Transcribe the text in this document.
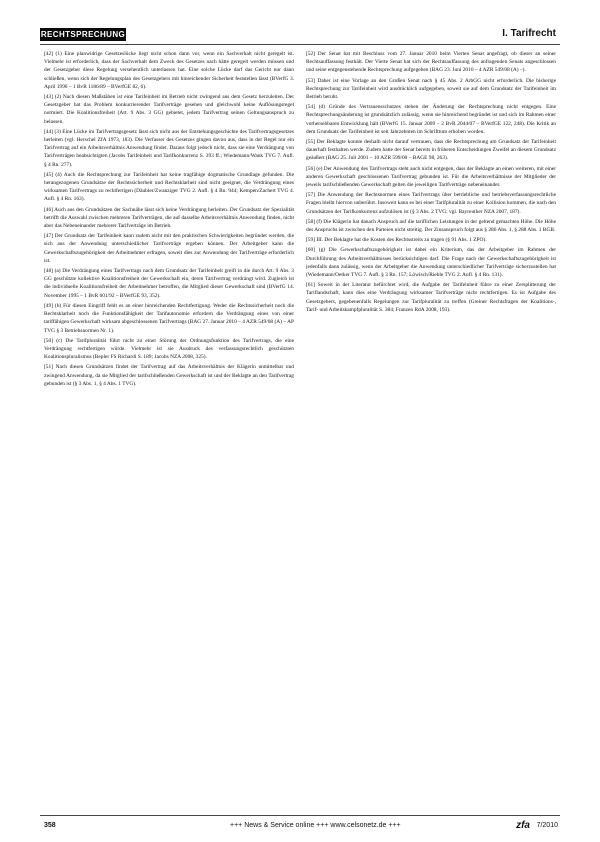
RECHTSPRECHUNG	I. Tarifrecht

[42] (1) Eine planwidrige Gesetzeslücke liegt nicht schon dann vor, wenn ein Sachverhalt nicht geregelt ist. Vielmehr ist erforderlich, dass der Sachverhalt dem Zweck des Gesetzes nach hätte geregelt werden müssen und der Gesetzgeber diese Regelung versehentlich unterlassen hat. Eine solche Lücke darf das Gericht nur dann schließen, wenn sich der Regelungsplan des Gesetzgebers mit hinreichender Sicherheit feststellen lässt (BVerfG 3. April 1990 – 1 BvR 1186/89 – BVerfGE 82, 6).

[43] (2) Nach diesen Maßstäben ist eine Tarifeinheit im Betrieb nicht zwingend aus dem Gesetz herzuleiten. Der Gesetzgeber hat das Problem konkurrierender Tarifverträge gesehen und gleichwohl keine Auflösungsregel normiert. Die Koalitionsfreiheit (Art. 9 Abs. 3 GG) gebietet, jedem Tarifvertrag seinen Geltungsanspruch zu belassen.

[44] (3) Eine Lücke im Tarifvertragsgesetz lässt sich nicht aus der Entstehungsgeschichte des Tarifvertragsgesetzes herleiten (vgl. Herschel ZfA 1973, 183). Die Verfasser des Gesetzes gingen davon aus, dass in der Regel nur ein Tarifvertrag auf ein Arbeitsverhältnis Anwendung findet. Daraus folgt jedoch nicht, dass sie eine Verdrängung von Tarifverträgen beabsichtigten (Jacobs Tarifeinheit und Tarifkonkurrenz S. 393 ff.; Wiedemann/Wank TVG 7. Aufl. § 4 Rn. 277).

[45] (4) Auch die Rechtsprechung zur Tarifeinheit hat keine tragfähige dogmatische Grundlage gefunden. Die herangezogenen Grundsätze der Rechtssicherheit und Rechtsklarheit sind nicht geeignet, die Verdrängung eines wirksamen Tarifvertrags zu rechtfertigen (Däubler/Zwanziger TVG 2. Aufl. § 4 Rn. 944; Kempen/Zachert TVG 4. Aufl. § 4 Rn. 163).

[46] Auch aus den Grundsätzen der Sachnähe lässt sich keine Verdrängung herleiten. Der Grundsatz der Spezialität betrifft die Auswahl zwischen mehreren Tarifverträgen, die auf dasselbe Arbeitsverhältnis Anwendung finden, nicht aber das Nebeneinander mehrerer Tarifverträge im Betrieb.

[47] Der Grundsatz der Tarifeinheit kann zudem nicht mit den praktischen Schwierigkeiten begründet werden, die sich aus der Anwendung unterschiedlicher Tarifverträge ergeben können. Der Arbeitgeber kann die Gewerkschaftszugehörigkeit der Arbeitnehmer erfragen, soweit dies zur Anwendung der Tarifverträge erforderlich ist.

[48] (a) Die Verdrängung eines Tarifvertrags nach dem Grundsatz der Tarifeinheit greift in die durch Art. 9 Abs. 3 GG geschützte kollektive Koalitionsfreiheit der Gewerkschaft ein, deren Tarifvertrag verdrängt wird. Zugleich ist die individuelle Koalitionsfreiheit der Arbeitnehmer betroffen, die Mitglied dieser Gewerkschaft sind (BVerfG 14. November 1995 – 1 BvR 601/92 – BVerfGE 93, 352).

[49] (b) Für diesen Eingriff fehlt es an einer hinreichenden Rechtfertigung. Weder die Rechtssicherheit noch die Rechtsklarheit noch die Funktionsfähigkeit der Tarifautonomie erfordern die Verdrängung eines von einer tariffähigen Gewerkschaft wirksam abgeschlossenen Tarifvertrags (BAG 27. Januar 2010 – 4 AZR 549/08 (A) – AP TVG § 3 Betriebsnormen Nr. 1).

[50] (c) Die Tarifpluralität führt nicht zu einer Störung der Ordnungsfunktion des Tarifvertrags, die eine Verdrängung rechtfertigen würde. Vielmehr ist sie Ausdruck des verfassungsrechtlich geschützten Koalitionspluralismus (Bepler FS Richardi S. 189; Jacobs NZA 2008, 325).

[51] Nach diesen Grundsätzen findet der Tarifvertrag auf das Arbeitsverhältnis der Klägerin unmittelbar und zwingend Anwendung, da sie Mitglied der tarifschließenden Gewerkschaft ist und der Beklagte an den Tarifvertrag gebunden ist (§ 3 Abs. 1, § 4 Abs. 1 TVG).

[52] Der Senat hat mit Beschluss vom 27. Januar 2010 beim Vierten Senat angefragt, ob dieser an seiner Rechtsauffassung festhält. Der Vierte Senat hat sich der Rechtsauffassung des anfragenden Senats angeschlossen und seine entgegenstehende Rechtsprechung aufgegeben (BAG 23. Juni 2010 – 4 AZR 549/08 (A) –).

[53] Daher ist eine Vorlage an den Großen Senat nach § 45 Abs. 2 ArbGG nicht erforderlich. Die bisherige Rechtsprechung zur Tarifeinheit wird ausdrücklich aufgegeben, soweit sie auf dem Grundsatz der Tarifeinheit im Betrieb beruht.

[54] (d) Gründe des Vertrauensschutzes stehen der Änderung der Rechtsprechung nicht entgegen. Eine Rechtsprechungsänderung ist grundsätzlich zulässig, wenn sie hinreichend begründet ist und sich im Rahmen einer vorhersehbaren Entwicklung hält (BVerfG 15. Januar 2009 – 2 BvR 2044/07 – BVerfGE 122, 248). Die Kritik an dem Grundsatz der Tarifeinheit ist seit Jahrzehnten im Schrifttum erhoben worden.

[55] Der Beklagte konnte deshalb nicht darauf vertrauen, dass die Rechtsprechung am Grundsatz der Tarifeinheit dauerhaft festhalten werde. Zudem hatte der Senat bereits in früheren Entscheidungen Zweifel an diesem Grundsatz geäußert (BAG 25. Juli 2001 – 10 AZR 599/00 – BAGE 98, 263).

[56] (e) Der Anwendung des Tarifvertrags steht auch nicht entgegen, dass der Beklagte an einen weiteren, mit einer anderen Gewerkschaft geschlossenen Tarifvertrag gebunden ist. Für die Arbeitsverhältnisse der Mitglieder der jeweils tarifschließenden Gewerkschaft gelten die jeweiligen Tarifverträge nebeneinander.

[57] Die Anwendung der Rechtsnormen eines Tarifvertrags über betriebliche und betriebsverfassungsrechtliche Fragen bleibt hiervon unberührt. Insoweit kann es bei einer Tarifpluralität zu einer Kollision kommen, die nach den Grundsätzen der Tarifkonkurrenz aufzulösen ist (§ 3 Abs. 2 TVG; vgl. Bayreuther NZA 2007, 187).

[58] (f) Die Klägerin hat danach Anspruch auf die tariflichen Leistungen in der geltend gemachten Höhe. Die Höhe des Anspruchs ist zwischen den Parteien nicht streitig. Der Zinsanspruch folgt aus § 286 Abs. 1, § 288 Abs. 1 BGB.

[59] III. Der Beklagte hat die Kosten des Rechtsstreits zu tragen (§ 91 Abs. 1 ZPO).

[60] (g) Die Gewerkschaftszugehörigkeit ist dabei ein Kriterium, das der Arbeitgeber im Rahmen der Durchführung des Arbeitsverhältnisses berücksichtigen darf. Die Frage nach der Gewerkschaftszugehörigkeit ist jedenfalls dann zulässig, wenn der Arbeitgeber die Anwendung unterschiedlicher Tarifverträge sicherzustellen hat (Wiedemann/Oetker TVG 7. Aufl. § 3 Rn. 157; Löwisch/Rieble TVG 2. Aufl. § 4 Rn. 131).

[61] Soweit in der Literatur befürchtet wird, die Aufgabe der Tarifeinheit führe zu einer Zersplitterung der Tariflandschaft, kann dies eine Verdrängung wirksamer Tarifverträge nicht rechtfertigen. Es ist Aufgabe des Gesetzgebers, gegebenenfalls Regelungen zur Tarifpluralität zu treffen (Greiner Rechtsfragen der Koalitions-, Tarif- und Arbeitskampfpluralität S. 384; Franzen RdA 2008, 193).

358	+++ News & Service online +++ www.celsonetz.de +++	zfa 7/2010
